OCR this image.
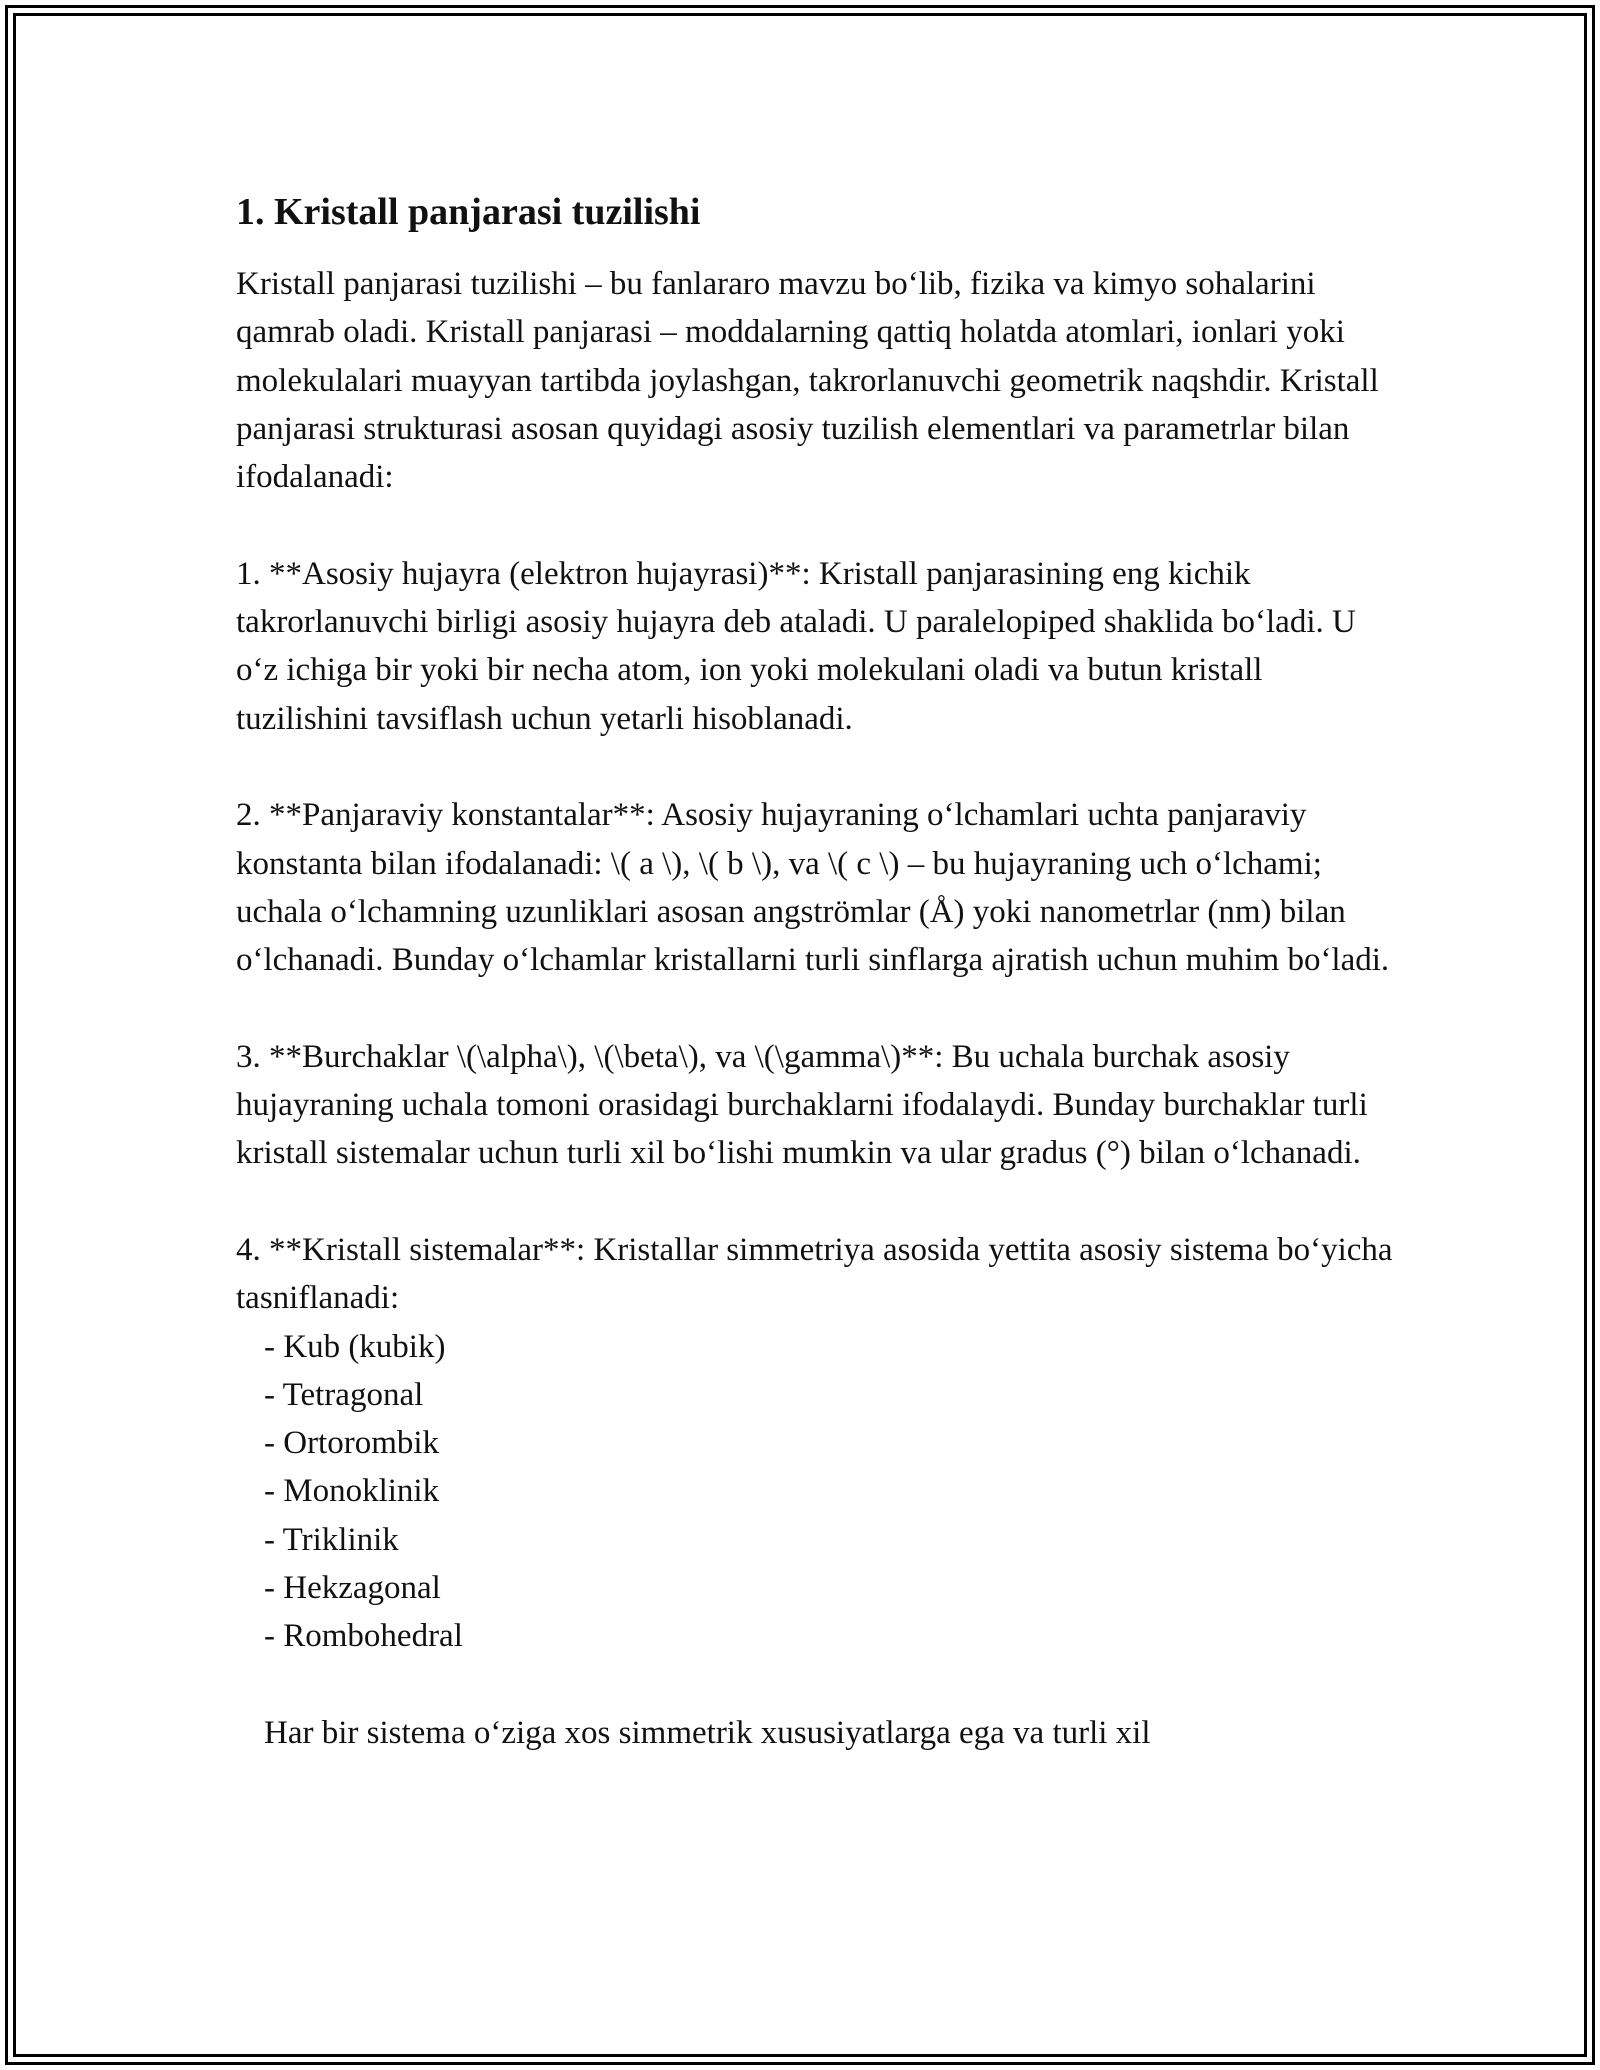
1. Kristall panjarasi tuzilishi

Kristall panjarasi tuzilishi – bu fanlararo mavzu bo‘lib, fizika va kimyo sohalarini qamrab oladi. Kristall panjarasi – moddalarning qattiq holatda atomlari, ionlari yoki molekulalari muayyan tartibda joylashgan, takrorlanuvchi geometrik naqshdir. Kristall panjarasi strukturasi asosan quyidagi asosiy tuzilish elementlari va parametrlar bilan ifodalanadi:

1. **Asosiy hujayra (elektron hujayrasi)**: Kristall panjarasining eng kichik takrorlanuvchi birligi asosiy hujayra deb ataladi. U paralelopiped shaklida bo‘ladi. U o‘z ichiga bir yoki bir necha atom, ion yoki molekulani oladi va butun kristall tuzilishini tavsiflash uchun yetarli hisoblanadi.

2. **Panjaraviy konstantalar**: Asosiy hujayraning o‘lchamlari uchta panjaraviy konstanta bilan ifodalanadi: \( a \), \( b \), va \( c \) – bu hujayraning uch o‘lchami; uchala o‘lchamning uzunliklari asosan angströmlar (Å) yoki nanometrlar (nm) bilan o‘lchanadi. Bunday o‘lchamlar kristallarni turli sinflarga ajratish uchun muhim bo‘ladi.

3. **Burchaklar \(\alpha\), \(\beta\), va \(\gamma\)**: Bu uchala burchak asosiy hujayraning uchala tomoni orasidagi burchaklarni ifodalaydi. Bunday burchaklar turli kristall sistemalar uchun turli xil bo‘lishi mumkin va ular gradus (°) bilan o‘lchanadi.

4. **Kristall sistemalar**: Kristallar simmetriya asosida yettita asosiy sistema bo‘yicha tasniflanadi:

- Kub (kubik)
- Tetragonal
- Ortorombik
- Monoklinik
- Triklinik
- Hekzagonal
- Rombohedral

Har bir sistema o‘ziga xos simmetrik xususiyatlarga ega va turli xil
